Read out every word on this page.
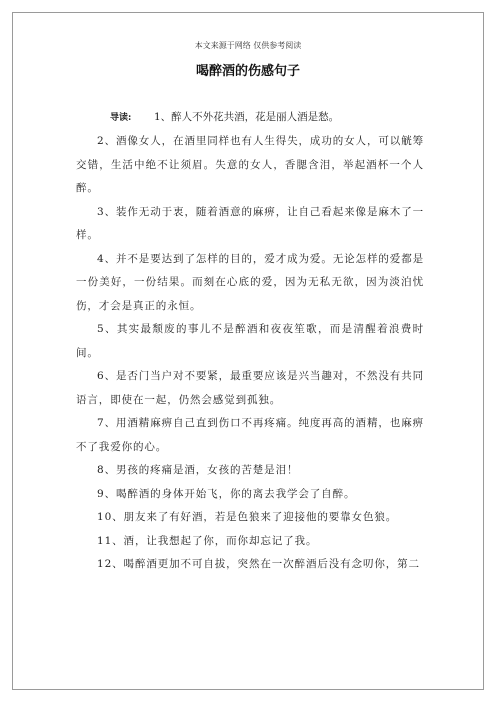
本文来源于网络 仅供参考阅读
喝醉酒的伤感句子
导读: 1、醉人不外花共酒，花是丽人酒是愁。

2、酒像女人，在酒里同样也有人生得失，成功的女人，可以觥筹交错，生活中绝不让须眉。失意的女人，香腮含泪，举起酒杯一个人醉。

3、装作无动于衷，随着酒意的麻痹，让自己看起来像是麻木了一样。

4、并不是要达到了怎样的目的，爱才成为爱。无论怎样的爱都是一份美好，一份结果。而刻在心底的爱，因为无私无欲，因为淡泊忧伤，才会是真正的永恒。

5、其实最颓废的事儿不是醉酒和夜夜笙歌，而是清醒着浪费时间。

6、是否门当户对不要紧，最重要应该是兴当趣对，不然没有共同语言，即使在一起，仍然会感觉到孤独。

7、用酒精麻痹自己直到伤口不再疼痛。纯度再高的酒精，也麻痹不了我爱你的心。

8、男孩的疼痛是酒，女孩的苦楚是泪！

9、喝醉酒的身体开始飞，你的离去我学会了自醉。

10、朋友来了有好酒，若是色狼来了迎接他的要靠女色狼。

11、酒，让我想起了你，而你却忘记了我。

12、喝醉酒更加不可自拔，突然在一次醉酒后没有念叨你，第二
